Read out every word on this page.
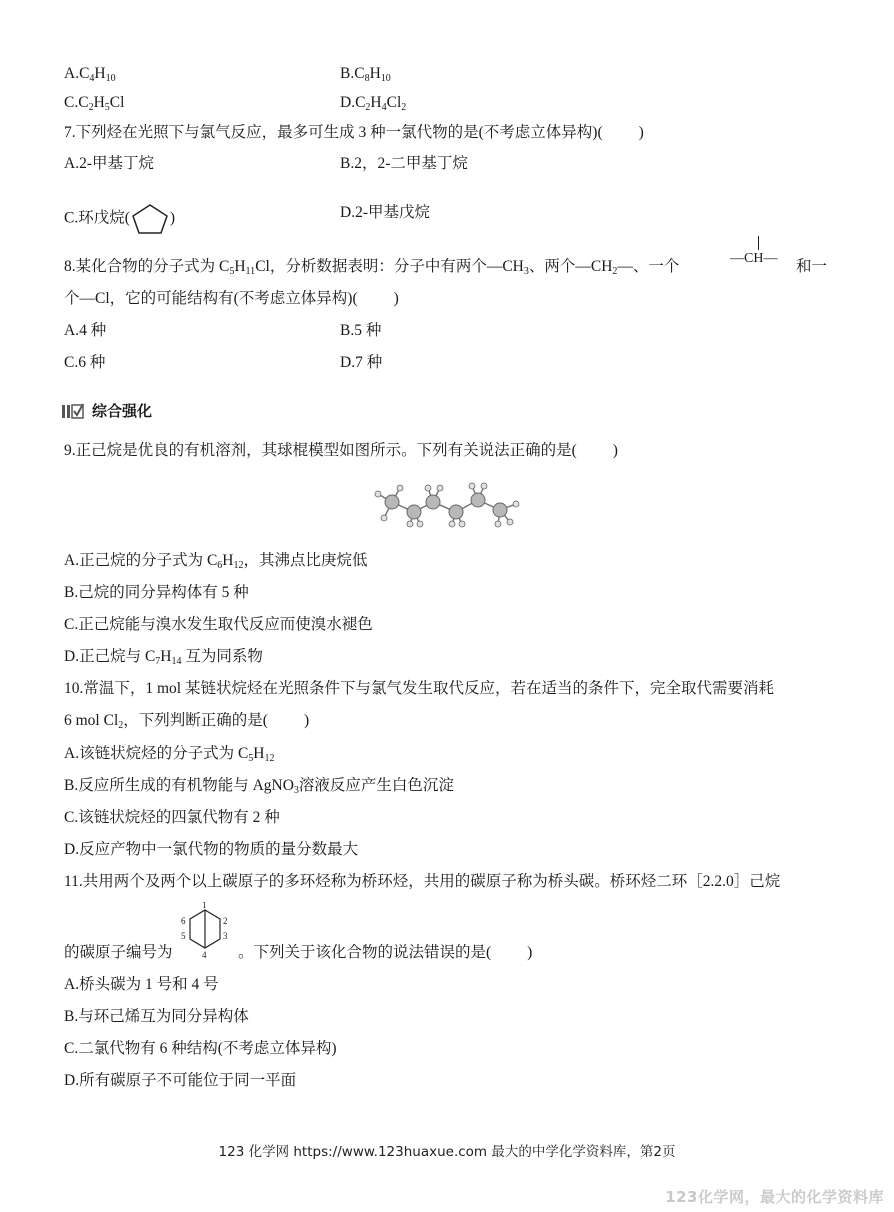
$A.C_4H_{10}$	$B.C_8H_{10}$
$C.C_2H_5Cl$	$D.C_2H_4Cl_2$
7.下列烃在光照下与氯气反应，最多可生成 3 种一氯代物的是(不考虑立体异构)( )
A.2-甲基丁烷	B.2，2-二甲基丁烷
C.环戊烷(	)	D.2-甲基戊烷
8.某化合物的分子式为 $C_5H_{11}Cl$，分析数据表明：分子中有两个$—CH_3$、两个$—CH_2—$、一个	—CH— 和一
个—Cl，它的可能结构有(不考虑立体异构)( )
A.4 种	B.5 种
C.6 种	D.7 种
综合强化
9.正己烷是优良的有机溶剂，其球棍模型如图所示。下列有关说法正确的是( )
A.正己烷的分子式为 $C_6H_{12}$，其沸点比庚烷低
B.己烷的同分异构体有 5 种
C.正己烷能与溴水发生取代反应而使溴水褪色
D.正己烷与 $C_7H_{14}$ 互为同系物
10.常温下，1 mol 某链状烷烃在光照条件下与氯气发生取代反应，若在适当的条件下，完全取代需要消耗
6 mol $Cl_2$，下列判断正确的是( )
A.该链状烷烃的分子式为 $C_5H_{12}$
B.反应所生成的有机物能与 AgNO$_3$溶液反应产生白色沉淀
C.该链状烷烃的四氯代物有 2 种
D.反应产物中一氯代物的物质的量分数最大
11.共用两个及两个以上碳原子的多环烃称为桥环烃，共用的碳原子称为桥头碳。桥环烃二环［2.2.0］己烷
的碳原子编号为
1
2
3
4
5
6
。下列关于该化合物的说法错误的是( )
A.桥头碳为 1 号和 4 号
B.与环己烯互为同分异构体
C.二氯代物有 6 种结构(不考虑立体异构)
D.所有碳原子不可能位于同一平面
123 化学网 https://www.123huaxue.com 最大的中学化学资料库，第2页
123化学网，最大的化学资料库
